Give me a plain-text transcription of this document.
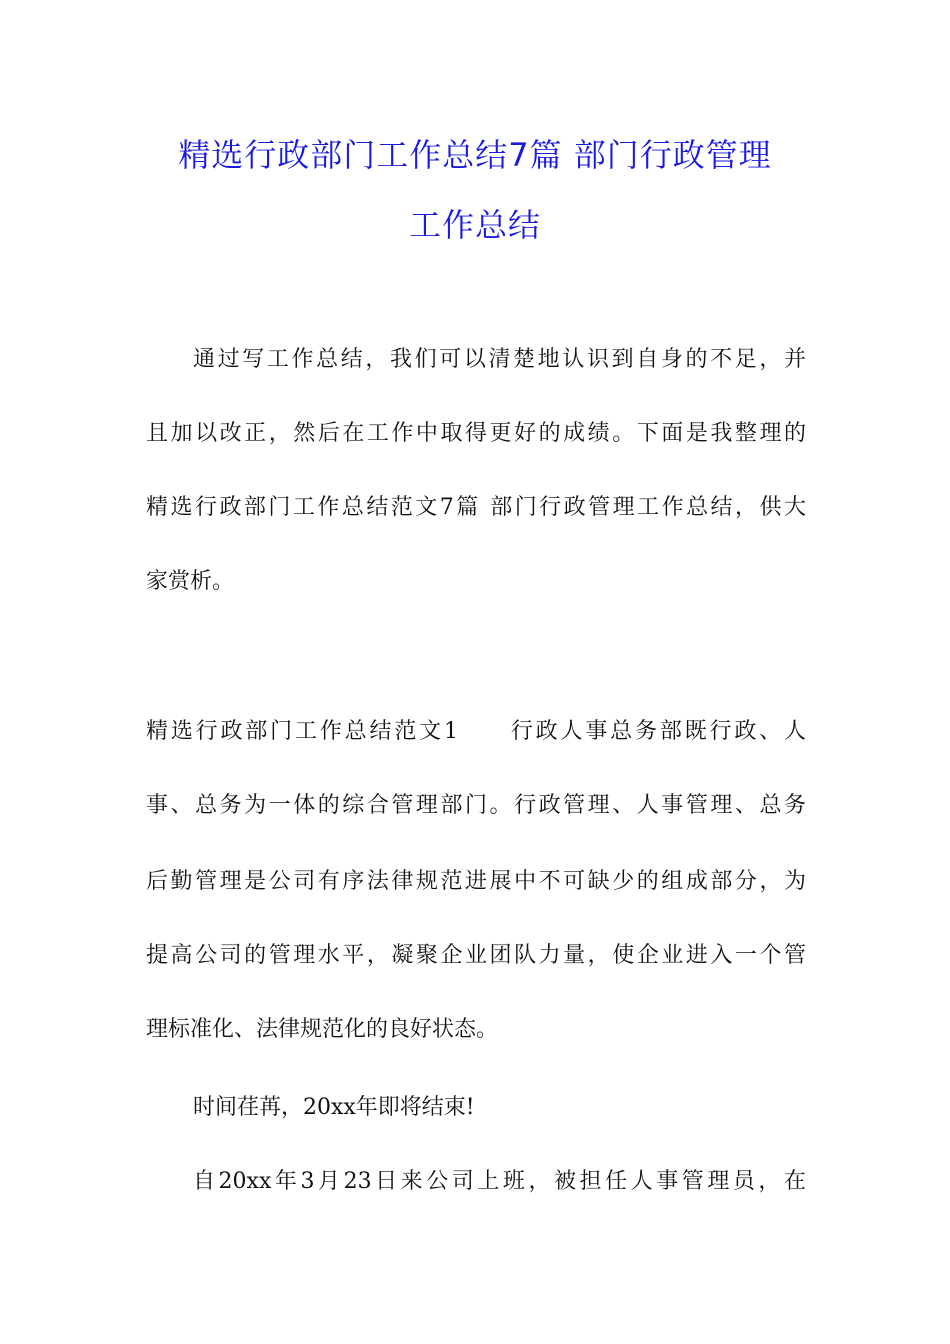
精选行政部门工作总结7篇 部门行政管理
工作总结
通过写工作总结，我们可以清楚地认识到自身的不足，并
且加以改正，然后在工作中取得更好的成绩。下面是我整理的
精选行政部门工作总结范文7篇 部门行政管理工作总结，供大
家赏析。
精选行政部门工作总结范文1 行政人事总务部既行政、人
事、总务为一体的综合管理部门。行政管理、人事管理、总务
后勤管理是公司有序法律规范进展中不可缺少的组成部分，为
提高公司的管理水平，凝聚企业团队力量，使企业进入一个管
理标准化、法律规范化的良好状态。
时间荏苒，20xx年即将结束!
自20xx年3月23日来公司上班，被担任人事管理员，在
